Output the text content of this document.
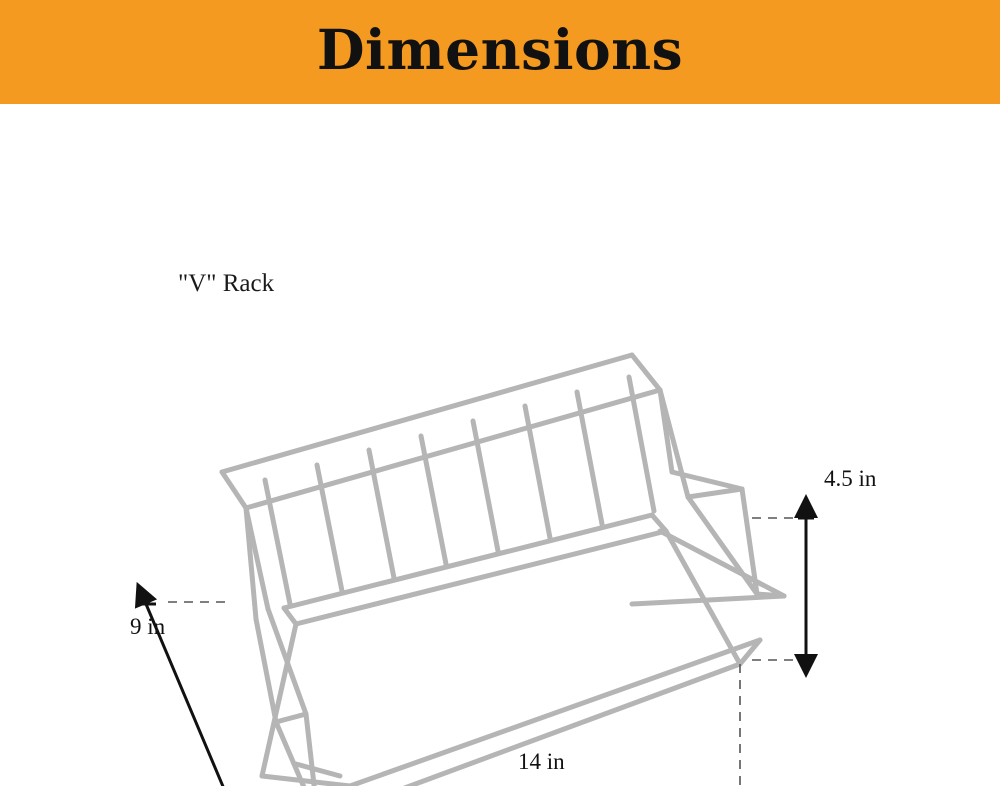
Dimensions
"V" Rack
4.5 in
14 in
9 in
